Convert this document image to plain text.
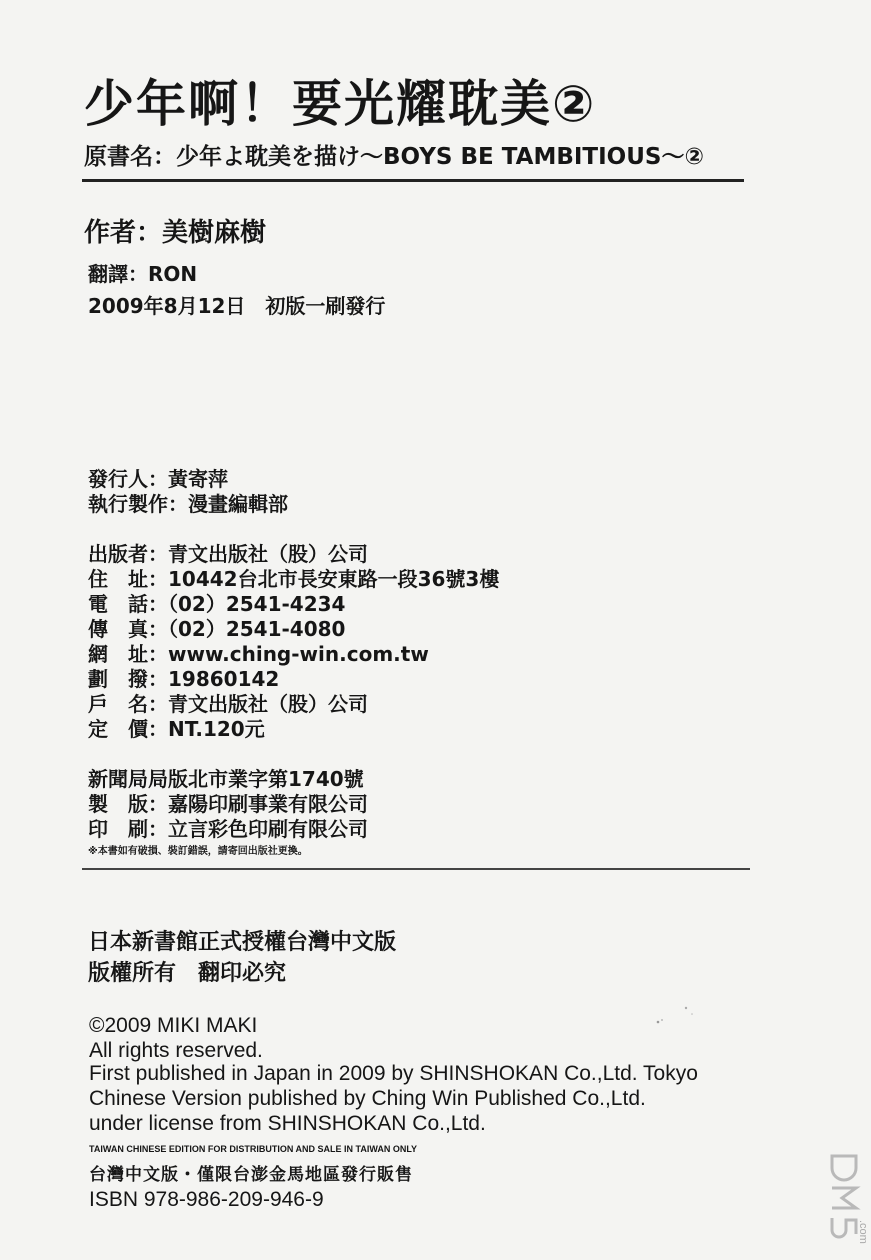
少年啊！要光耀耽美②
原書名：少年よ耽美を描け～BOYS BE TAMBITIOUS～②
作者：美樹麻樹
翻譯：RON
2009年8月12日　初版一刷發行
發行人：黃寄萍
執行製作：漫畫編輯部
出版者：青文出版社（股）公司
住　址：10442台北市長安東路一段36號3樓
電　話：（02）2541-4234
傳　真：（02）2541-4080
網　址：www.ching-win.com.tw
劃　撥：19860142
戶　名：青文出版社（股）公司
定　價：NT.120元
新聞局局版北市業字第1740號
製　版：嘉陽印刷事業有限公司
印　刷：立言彩色印刷有限公司
※本書如有破損、裝訂錯誤，請寄回出版社更換。
日本新書館正式授權台灣中文版
版權所有　翻印必究
©2009 MIKI MAKI
All rights reserved.
First published in Japan in 2009 by SHINSHOKAN Co.,Ltd. Tokyo
Chinese Version published by Ching Win Published Co.,Ltd.
under license from SHINSHOKAN Co.,Ltd.
TAIWAN CHINESE EDITION FOR DISTRIBUTION AND SALE IN TAIWAN ONLY
台灣中文版・僅限台澎金馬地區發行販售
ISBN 978-986-209-946-9
.com
